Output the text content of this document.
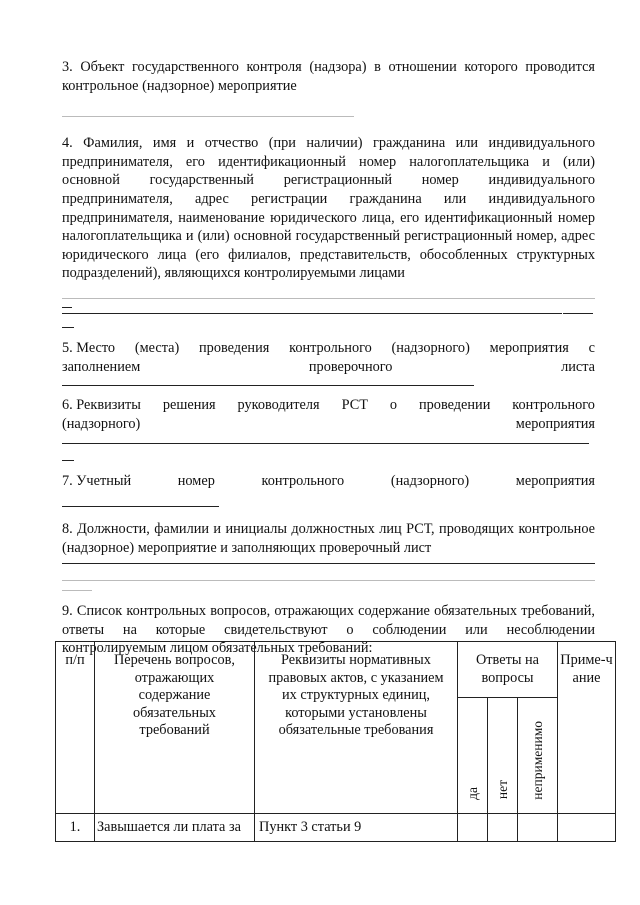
3. Объект государственного контроля (надзора) в отношении которого проводится контрольное (надзорное) мероприятие

4. Фамилия, имя и отчество (при наличии) гражданина или индивидуального предпринимателя, его идентификационный номер налогоплательщика и (или) основной государственный регистрационный номер индивидуального предпринимателя, адрес регистрации гражданина или индивидуального предпринимателя, наименование юридического лица, его идентификационный номер налогоплательщика и (или) основной государственный регистрационный номер, адрес юридического лица (его филиалов, представительств, обособленных структурных подразделений), являющихся контролируемыми лицами

5. Место (места) проведения контрольного (надзорного) мероприятия с
заполнением	проверочного	листа
6. Реквизиты решения руководителя РСТ о проведении контрольного
(надзорного)	мероприятия
7. Учетный	номер	контрольного	(надзорного)	мероприятия

8. Должности, фамилии и инициалы должностных лиц РСТ, проводящих контрольное (надзорное) мероприятие и заполняющих проверочный лист

9. Список контрольных вопросов, отражающих содержание обязательных требований, ответы на которые свидетельствуют о соблюдении или несоблюдении контролируемым лицом обязательных требований:

п/п	Перечень вопросов, отражающих содержание обязательных требований	Реквизиты нормативных правовых актов, с указанием их структурных единиц, которыми установлены обязательные требования	Ответы на вопросы			Приме-чание
			да	нет	неприменимо	
1.	Завышается ли плата за	Пункт 3 статьи 9				
